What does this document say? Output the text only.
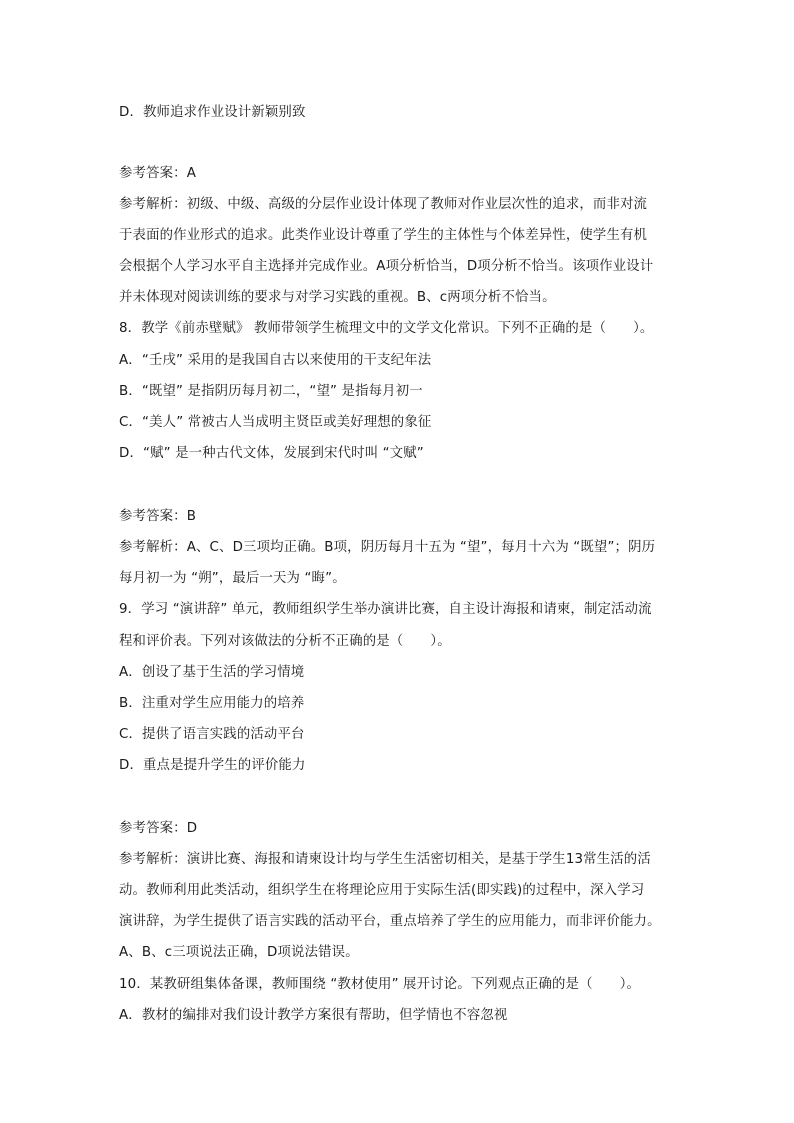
D．教师追求作业设计新颖别致
参考答案：A
参考解析：初级、中级、高级的分层作业设计体现了教师对作业层次性的追求，而非对流
于表面的作业形式的追求。此类作业设计尊重了学生的主体性与个体差异性，使学生有机
会根据个人学习水平自主选择并完成作业。A项分析恰当，D项分析不恰当。该项作业设计
并未体现对阅读训练的要求与对学习实践的重视。B、c两项分析不恰当。
8．教学《前赤壁赋》 教师带领学生梳理文中的文学文化常识。下列不正确的是（　　）。
A．“壬戌” 采用的是我国自古以来使用的干支纪年法
B．“既望” 是指阴历每月初二，“望” 是指每月初一
C．“美人” 常被古人当成明主贤臣或美好理想的象征
D．“赋” 是一种古代文体，发展到宋代时叫 “文赋”
参考答案：B
参考解析：A、C、D三项均正确。B项，阴历每月十五为 “望”，每月十六为 “既望”；阴历
每月初一为 “朔”，最后一天为 “晦”。
9．学习 “演讲辞” 单元，教师组织学生举办演讲比赛，自主设计海报和请柬，制定活动流
程和评价表。下列对该做法的分析不正确的是（　　）。
A．创设了基于生活的学习情境
B．注重对学生应用能力的培养
C．提供了语言实践的活动平台
D．重点是提升学生的评价能力
参考答案：D
参考解析：演讲比赛、海报和请柬设计均与学生生活密切相关，是基于学生13常生活的活
动。教师利用此类活动，组织学生在将理论应用于实际生活(即实践)的过程中，深入学习
演讲辞，为学生提供了语言实践的活动平台，重点培养了学生的应用能力，而非评价能力。
A、B、c三项说法正确，D项说法错误。
10．某教研组集体备课，教师围绕 “教材使用” 展开讨论。下列观点正确的是（　　）。
A．教材的编排对我们设计教学方案很有帮助，但学情也不容忽视
